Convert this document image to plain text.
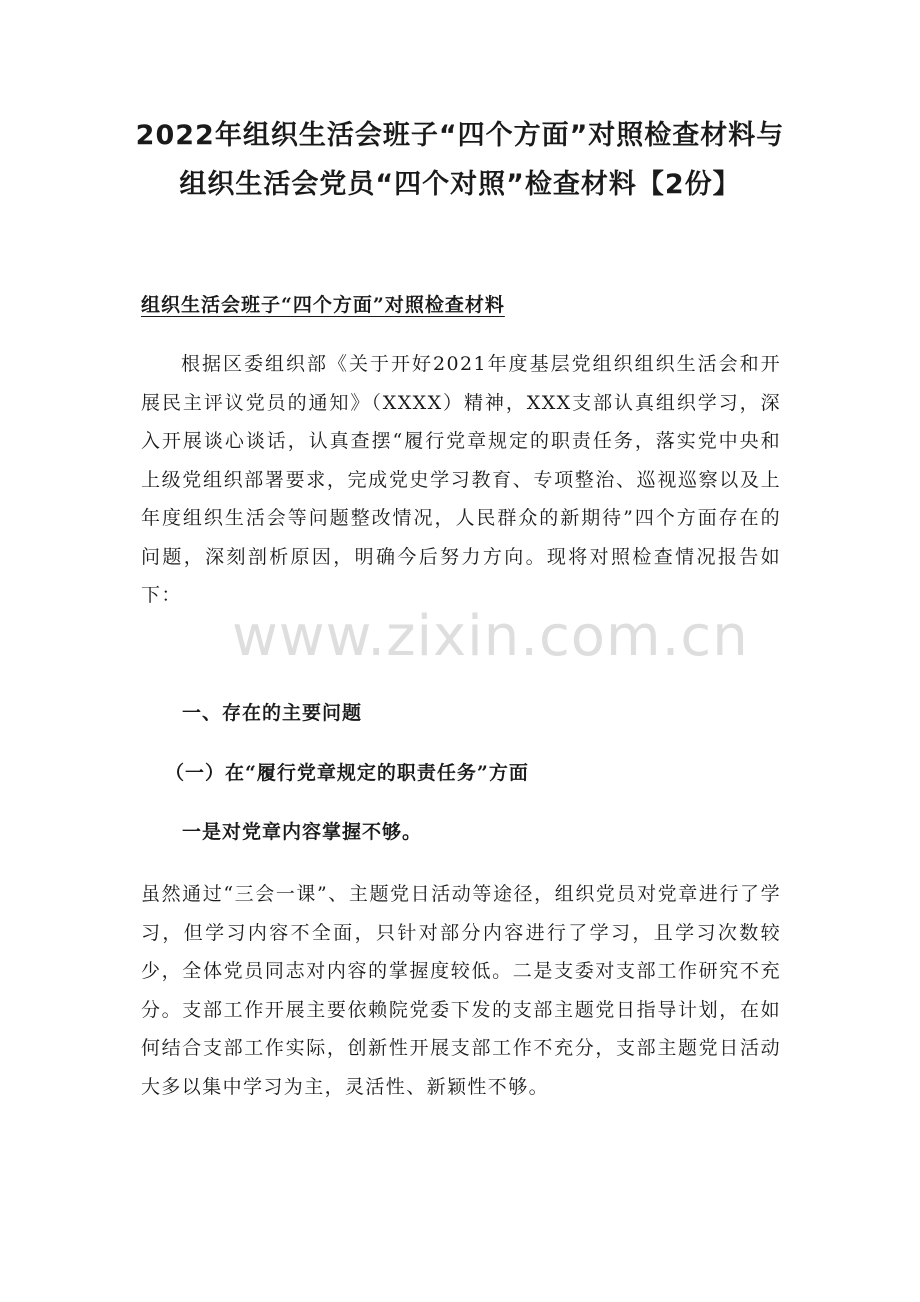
2022年组织生活会班子“四个方面”对照检查材料与
组织生活会党员“四个对照”检查材料【2份】
组织生活会班子“四个方面”对照检查材料

根据区委组织部《关于开好2021年度基层党组织组织生活会和开展民主评议党员的通知》（XXXX）精神，XXX支部认真组织学习，深入开展谈心谈话，认真查摆“履行党章规定的职责任务，落实党中央和上级党组织部署要求，完成党史学习教育、专项整治、巡视巡察以及上年度组织生活会等问题整改情况，人民群众的新期待”四个方面存在的问题，深刻剖析原因，明确今后努力方向。现将对照检查情况报告如下：

一、存在的主要问题
（一）在“履行党章规定的职责任务”方面
一是对党章内容掌握不够。

虽然通过“三会一课”、主题党日活动等途径，组织党员对党章进行了学习，但学习内容不全面，只针对部分内容进行了学习，且学习次数较少，全体党员同志对内容的掌握度较低。二是支委对支部工作研究不充分。支部工作开展主要依赖院党委下发的支部主题党日指导计划，在如何结合支部工作实际，创新性开展支部工作不充分，支部主题党日活动大多以集中学习为主，灵活性、新颖性不够。

www.zixin.com.cn
